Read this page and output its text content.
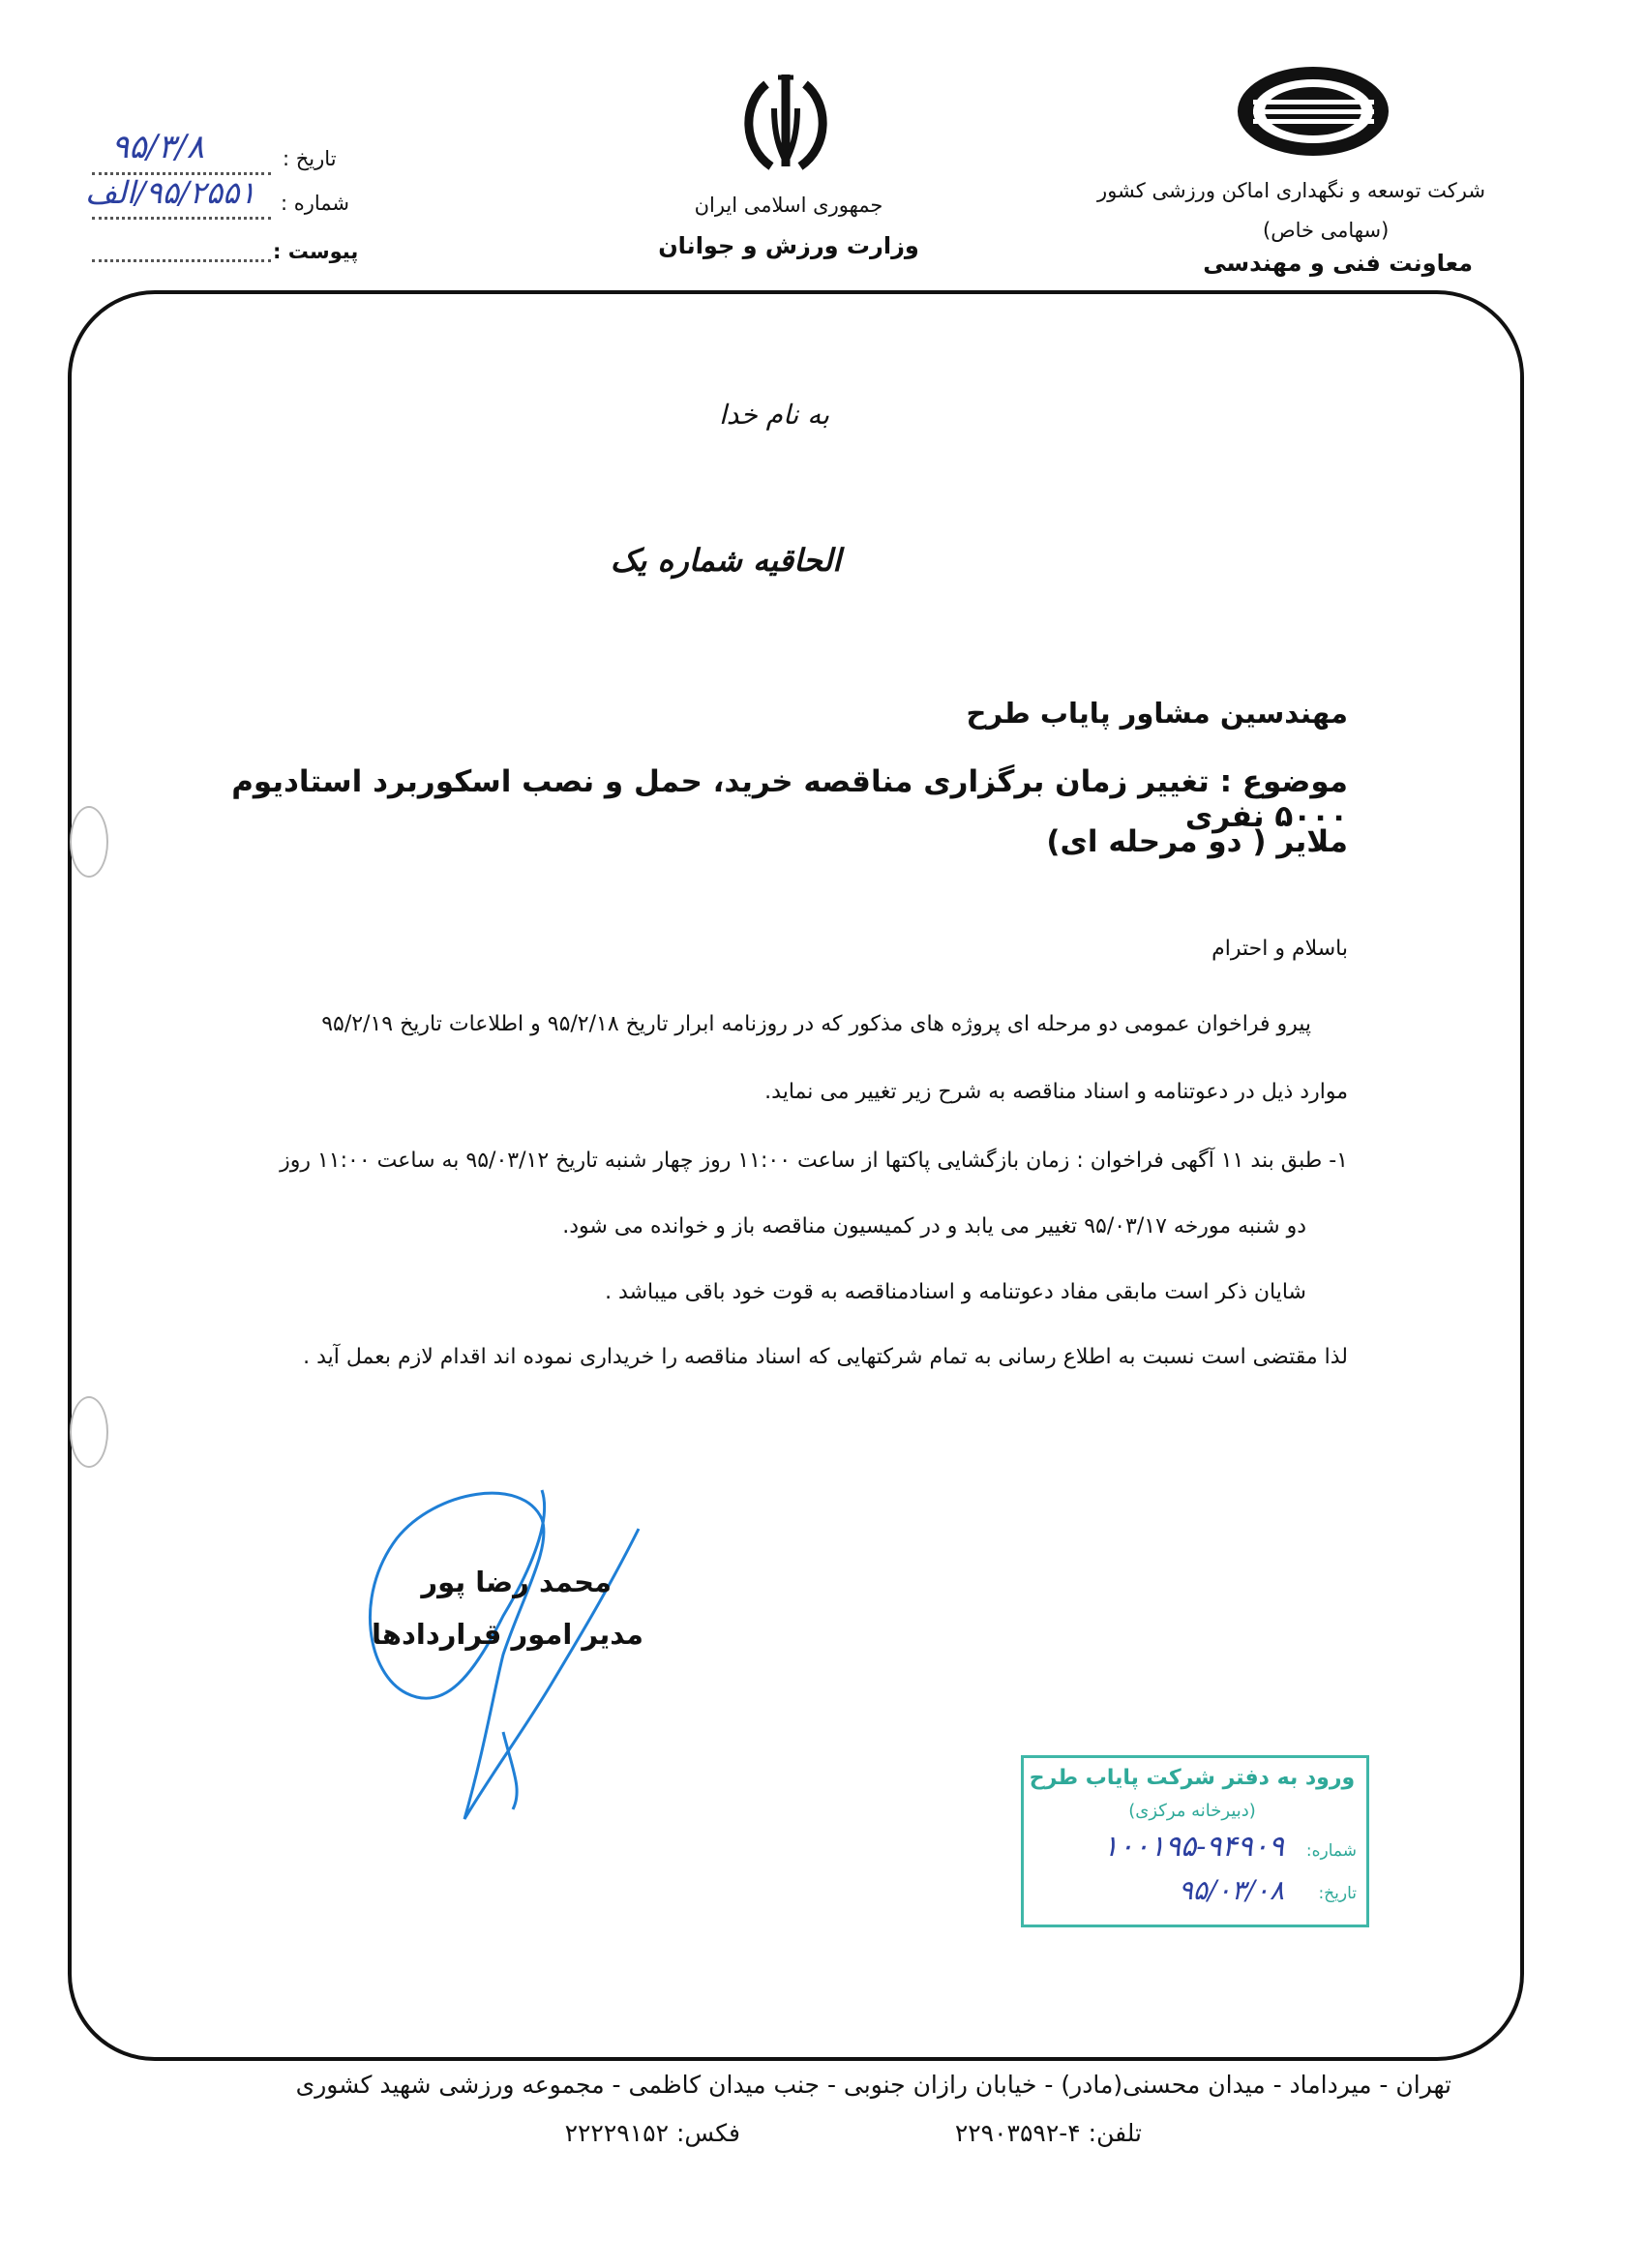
شرکت توسعه و نگهداری اماکن ورزشی کشور
(سهامی خاص)
معاونت فنی و مهندسی
جمهوری اسلامی ایران
وزارت ورزش و جوانان
تاریخ :
۹۵/۳/۸
شماره :
۹۵/۲۵۵۱/الف
پیوست :
به نام خدا
الحاقیه شماره یک
مهندسین مشاور پایاب طرح
موضوع : تغییر زمان برگزاری مناقصه خرید، حمل و نصب اسکوربرد استادیوم ۵۰۰۰ نفری
ملایر ( دو مرحله ای)
باسلام و احترام
پیرو فراخوان عمومی دو مرحله ای پروژه های مذکور که در روزنامه ابرار تاریخ ۹۵/۲/۱۸ و اطلاعات تاریخ ۹۵/۲/۱۹
موارد ذیل در دعوتنامه و اسناد مناقصه به شرح زیر تغییر می نماید.
۱- طبق بند ۱۱ آگهی فراخوان : زمان بازگشایی پاکتها از ساعت ۱۱:۰۰ روز چهار شنبه تاریخ ۹۵/۰۳/۱۲ به ساعت ۱۱:۰۰ روز
دو شنبه مورخه ۹۵/۰۳/۱۷ تغییر می یابد و در کمیسیون مناقصه باز و خوانده می شود.
شایان ذکر است مابقی مفاد دعوتنامه و اسنادمناقصه به قوت خود باقی میباشد .
لذا مقتضی است نسبت به اطلاع رسانی به تمام شرکتهایی که اسناد مناقصه را خریداری نموده اند اقدام لازم بعمل آید .
محمد رضا پور
مدیر امور قراردادها
ورود به دفتر شرکت پایاب طرح
(دبیرخانه مرکزی)
شماره:
۱۰۰۱۹۵-۹۴۹۰۹
تاریخ:
۹۵/۰۳/۰۸
تهران - میرداماد - میدان محسنی(مادر) - خیابان رازان جنوبی - جنب میدان کاظمی - مجموعه ورزشی شهید کشوری
تلفن: ۴-۲۲۹۰۳۵۹۲
فکس: ۲۲۲۲۹۱۵۲
